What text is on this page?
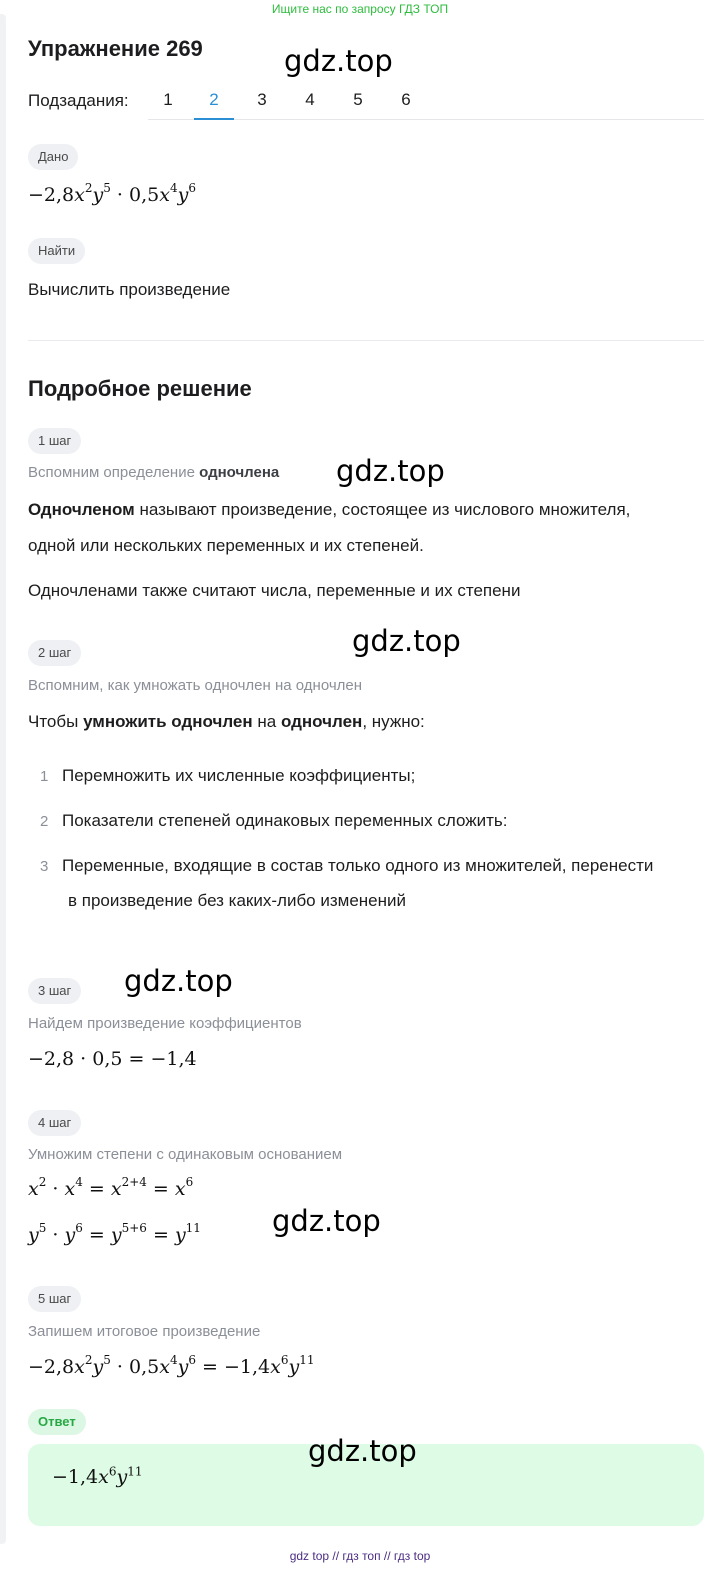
Ищите нас по запросу ГДЗ ТОП
Упражнение 269	gdz.top
Подзадания:	1	2	3	4	5	6
Дано
$-2,8x^2y^5 \cdot 0,5x^4y^6$
Найти
Вычислить произведение
Подробное решение
1 шаг
Вспомним определение одночлена gdz.top
Одночленом называют произведение, состоящее из числового множителя,
одной или нескольких переменных и их степеней.
Одночленами также считают числа, переменные и их степени
gdz.top
2 шаг
Вспомним, как умножать одночлен на одночлен
Чтобы умножить одночлен на одночлен, нужно:
1 Перемножить их численные коэффициенты;
2 Показатели степеней одинаковых переменных сложить:
3 Переменные, входящие в состав только одного из множителей, перенести
в произведение без каких-либо изменений
gdz.top
3 шаг
Найдем произведение коэффициентов
−2,8 · 0,5 = −1,4
4 шаг
Умножим степени с одинаковым основанием
$x^2 \cdot x^4 = x^{2+4} = x^6$
$y^5 \cdot y^6 = y^{5+6} = y^{11}$ gdz.top
5 шаг
Запишем итоговое произведение
$-2,8x^2y^5 \cdot 0,5x^4y^6 = -1,4x^6y^{11}$
Ответ
$-1,4x^6y^{11}$
gdz.top
gdz top // гдз топ // гдз top
